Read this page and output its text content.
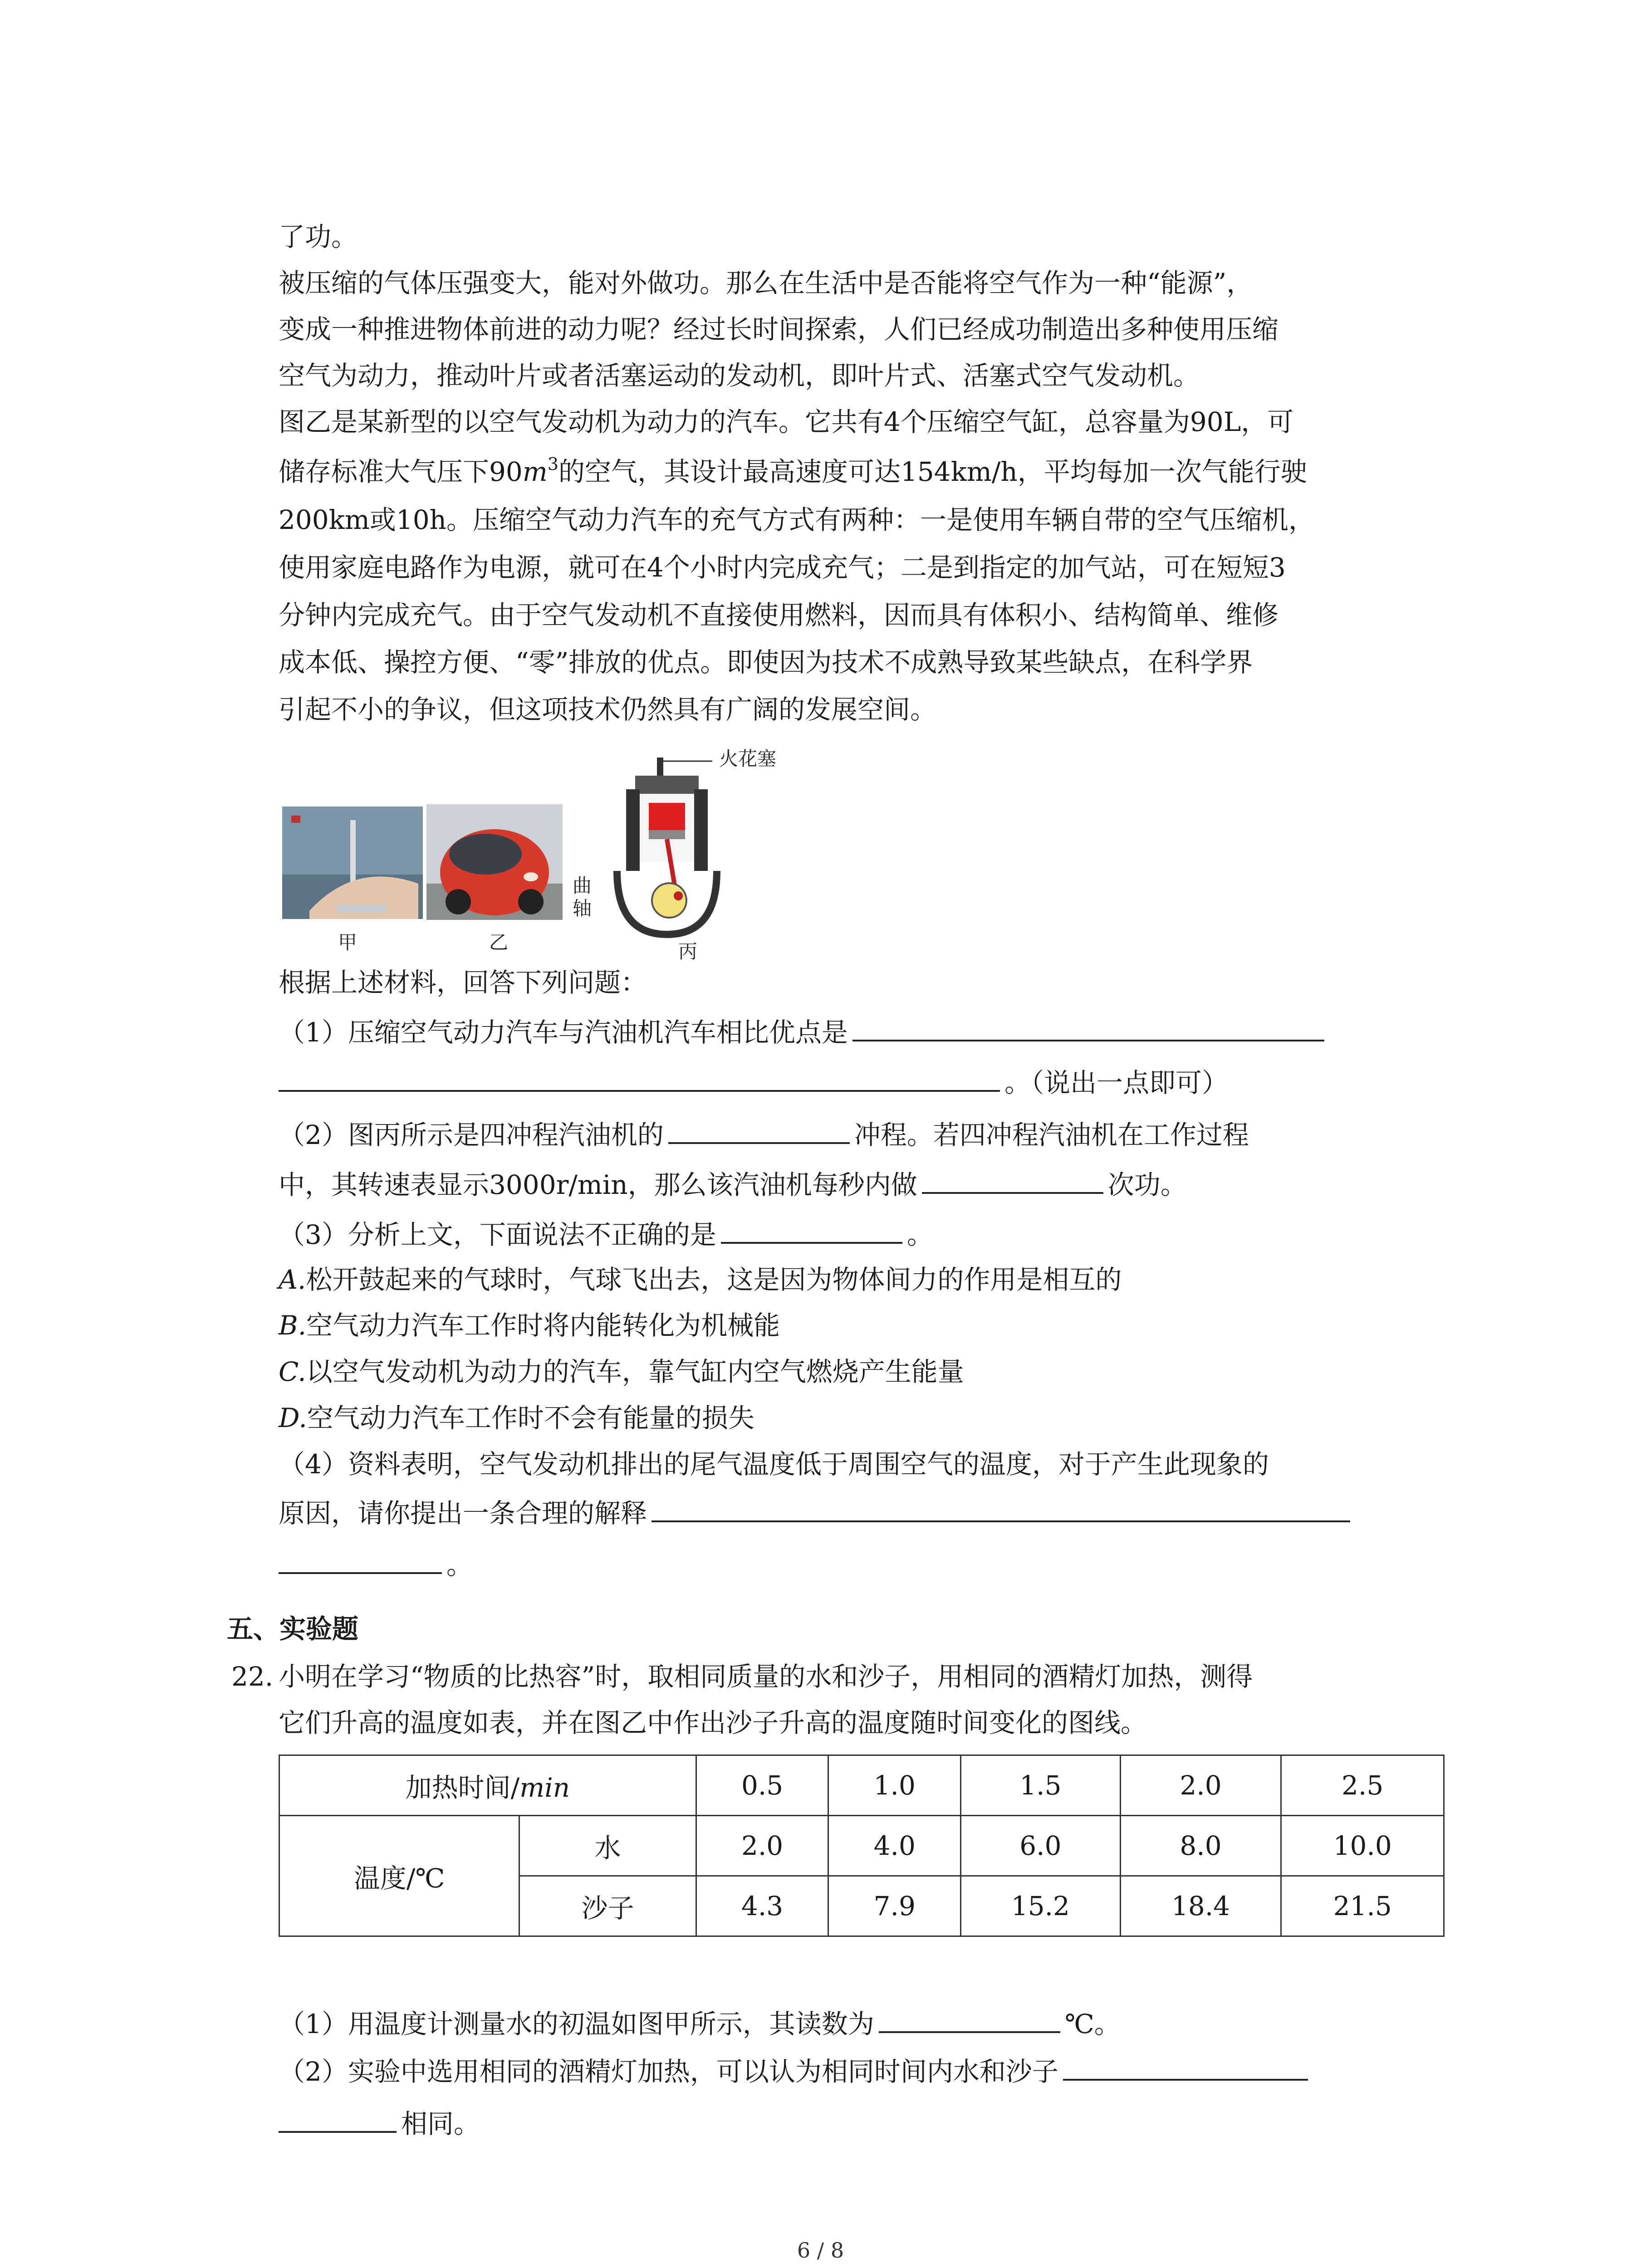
了功。
被压缩的气体压强变大，能对外做功。那么在生活中是否能将空气作为一种“能源”，
变成一种推进物体前进的动力呢？经过长时间探索，人们已经成功制造出多种使用压缩
空气为动力，推动叶片或者活塞运动的发动机，即叶片式、活塞式空气发动机。
图乙是某新型的以空气发动机为动力的汽车。它共有4个压缩空气缸，总容量为90L，可
储存标准大气压下$90m^3$的空气，其设计最高速度可达154km/h，平均每加一次气能行驶
200km或10h。压缩空气动力汽车的充气方式有两种：一是使用车辆自带的空气压缩机，
使用家庭电路作为电源，就可在4个小时内完成充气；二是到指定的加气站，可在短短3
分钟内完成充气。由于空气发动机不直接使用燃料，因而具有体积小、结构简单、维修
成本低、操控方便、“零”排放的优点。即使因为技术不成熟导致某些缺点，在科学界
引起不小的争议，但这项技术仍然具有广阔的发展空间。
甲	乙
火花塞
曲
轴
丙
根据上述材料，回答下列问题：
（1）压缩空气动力汽车与汽油机汽车相比优点是
。（说出一点即可）
（2）图丙所示是四冲程汽油机的	冲程。若四冲程汽油机在工作过程
中，其转速表显示3000r/min，那么该汽油机每秒内做	次功。
（3）分析上文，下面说法不正确的是	。
A.松开鼓起来的气球时，气球飞出去，这是因为物体间力的作用是相互的
B.空气动力汽车工作时将内能转化为机械能
C.以空气发动机为动力的汽车，靠气缸内空气燃烧产生能量
D.空气动力汽车工作时不会有能量的损失
（4）资料表明，空气发动机排出的尾气温度低于周围空气的温度，对于产生此现象的
原因，请你提出一条合理的解释
。
五、实验题
22. 小明在学习“物质的比热容”时，取相同质量的水和沙子，用相同的酒精灯加热，测得
它们升高的温度如表，并在图乙中作出沙子升高的温度随时间变化的图线。
加热时间/min		0.5	1.0	1.5	2.0	2.5
温度/℃	水	2.0	4.0	6.0	8.0	10.0
	沙子	4.3	7.9	15.2	18.4	21.5
（1）用温度计测量水的初温如图甲所示，其读数为	℃。
（2）实验中选用相同的酒精灯加热，可以认为相同时间内水和沙子
相同。
6 / 8
